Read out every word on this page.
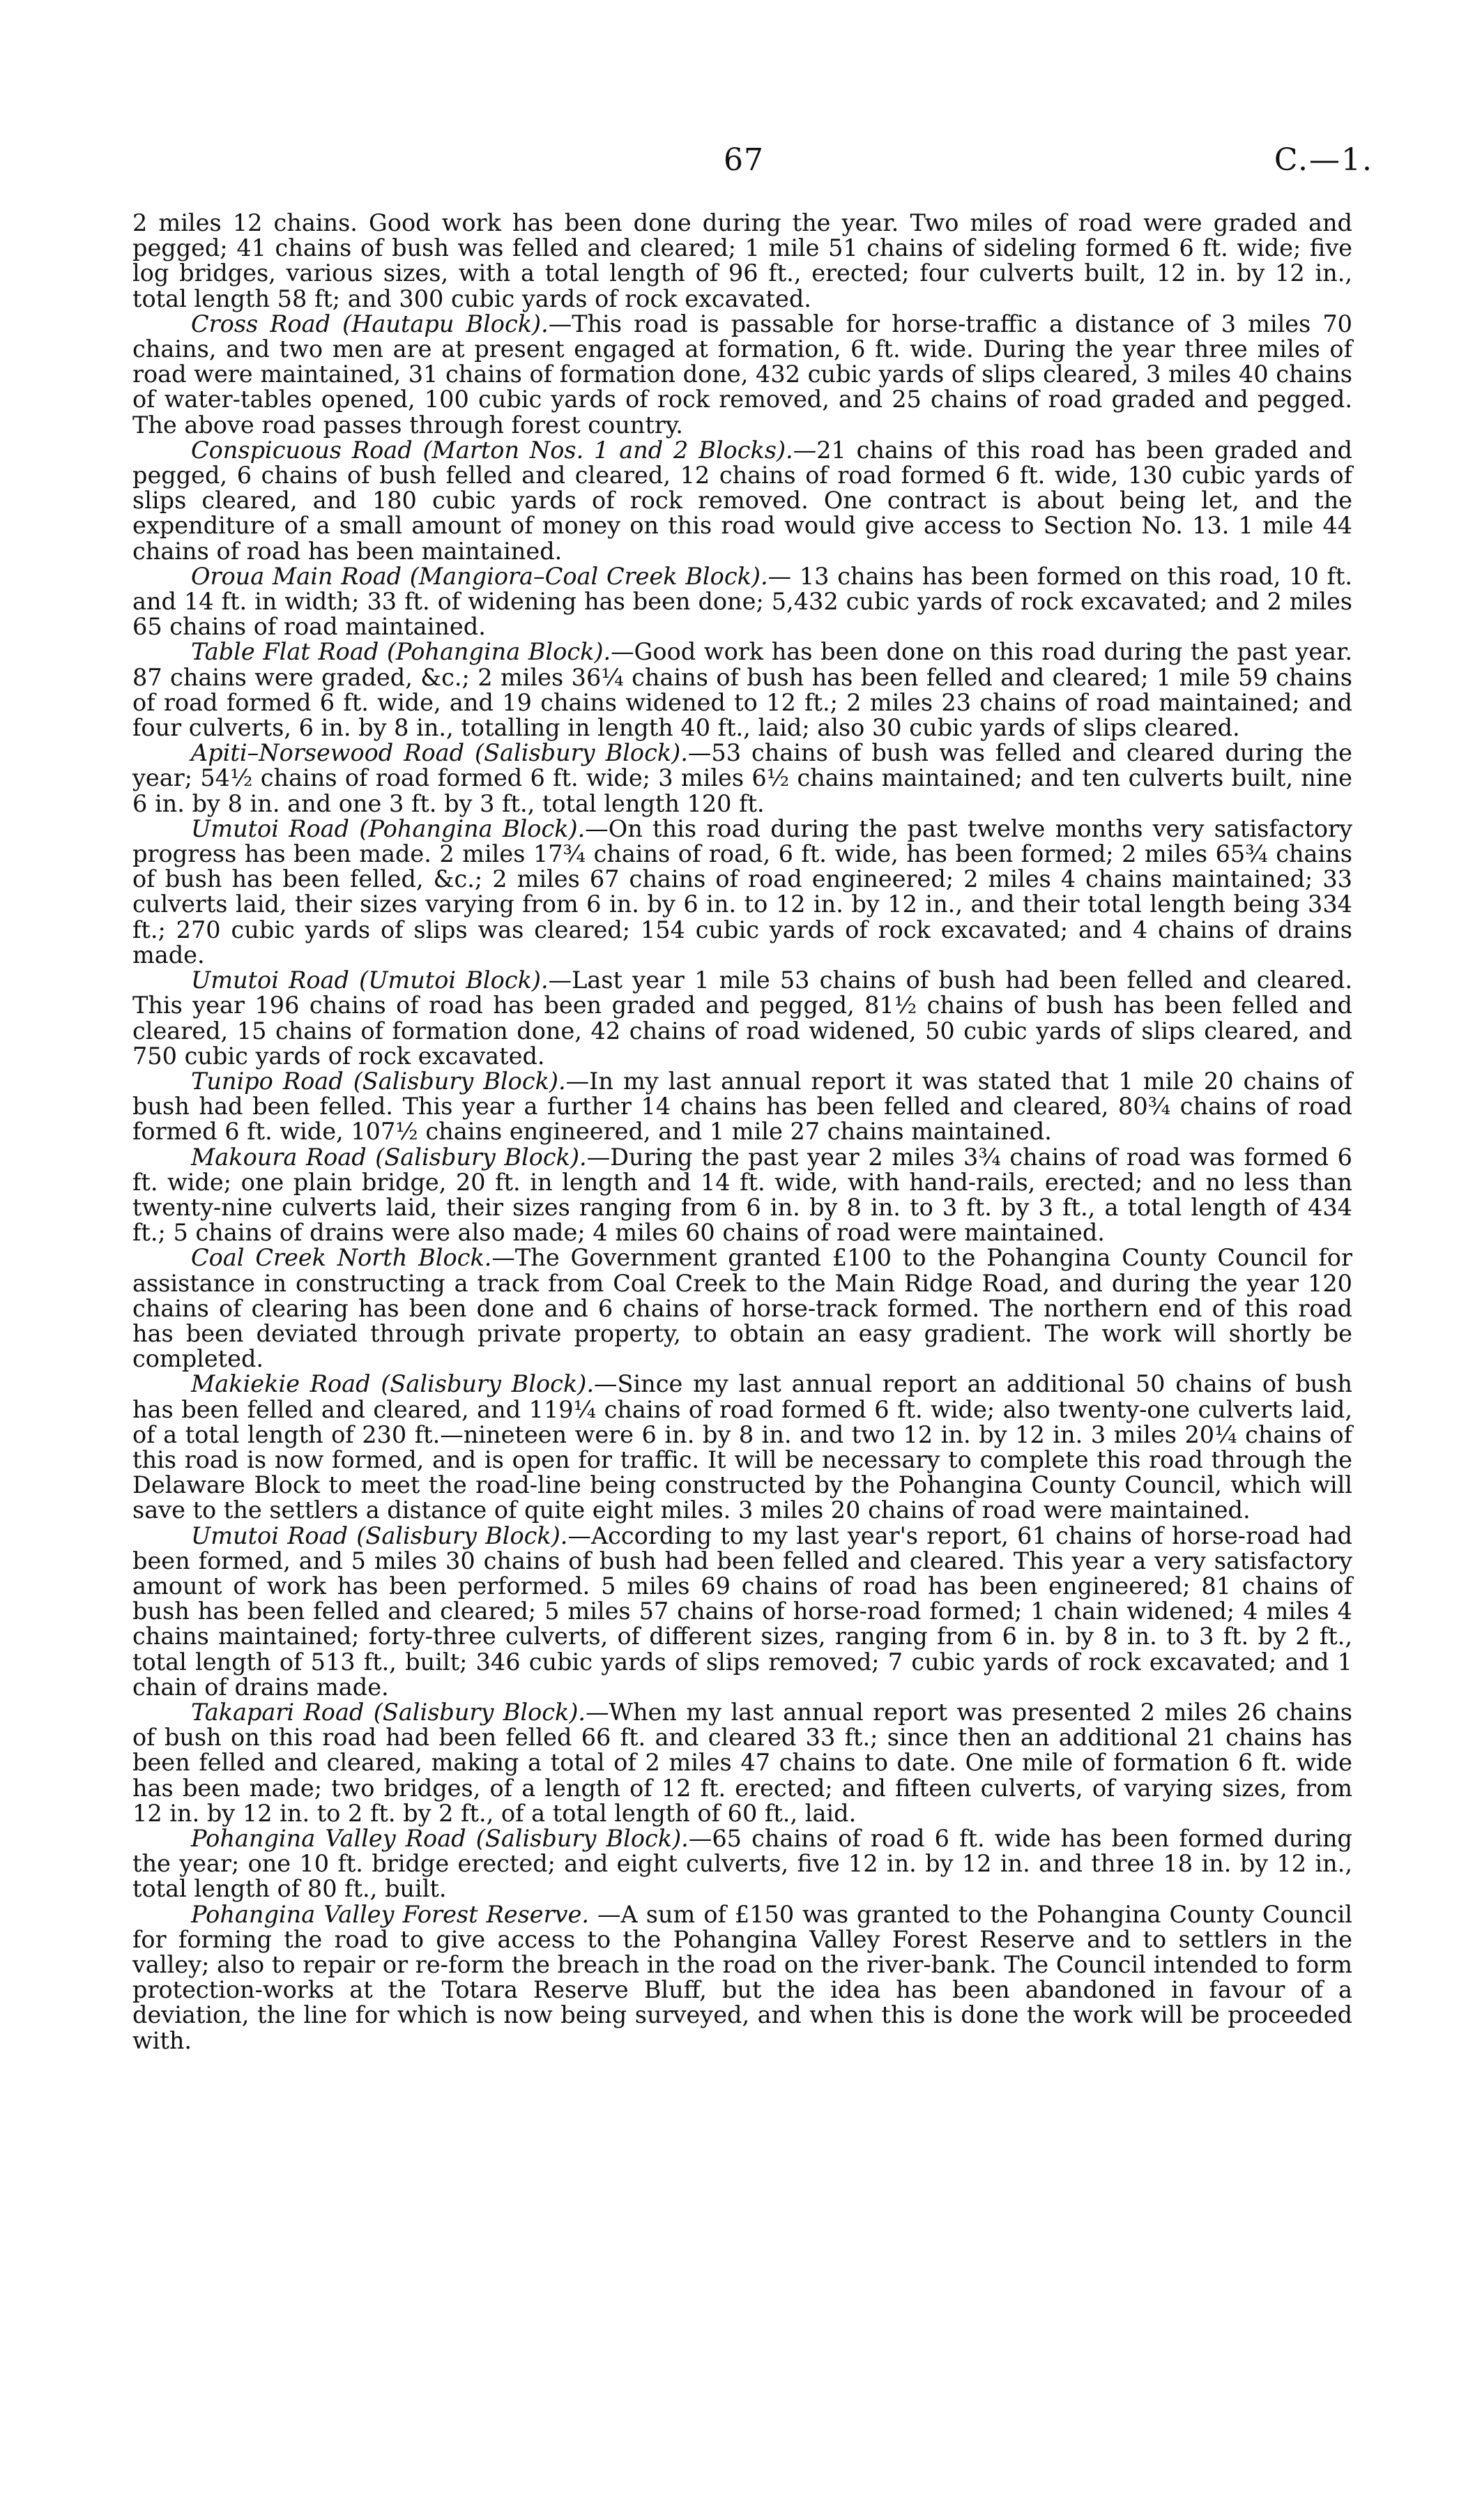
67	C.—1.

2 miles 12 chains. Good work has been done during the year. Two miles of road were graded and pegged; 41 chains of bush was felled and cleared; 1 mile 51 chains of sideling formed 6 ft. wide; five log bridges, various sizes, with a total length of 96 ft., erected; four culverts built, 12 in. by 12 in., total length 58 ft; and 300 cubic yards of rock excavated.

Cross Road (Hautapu Block).—This road is passable for horse-traffic a distance of 3 miles 70 chains, and two men are at present engaged at formation, 6 ft. wide. During the year three miles of road were maintained, 31 chains of formation done, 432 cubic yards of slips cleared, 3 miles 40 chains of water-tables opened, 100 cubic yards of rock removed, and 25 chains of road graded and pegged. The above road passes through forest country.

Conspicuous Road (Marton Nos. 1 and 2 Blocks).—21 chains of this road has been graded and pegged, 6 chains of bush felled and cleared, 12 chains of road formed 6 ft. wide, 130 cubic yards of slips cleared, and 180 cubic yards of rock removed. One contract is about being let, and the expenditure of a small amount of money on this road would give access to Section No. 13. 1 mile 44 chains of road has been maintained.

Oroua Main Road (Mangiora–Coal Creek Block).— 13 chains has been formed on this road, 10 ft. and 14 ft. in width; 33 ft. of widening has been done; 5,432 cubic yards of rock excavated; and 2 miles 65 chains of road maintained.

Table Flat Road (Pohangina Block).—Good work has been done on this road during the past year. 87 chains were graded, &c.; 2 miles 36¼ chains of bush has been felled and cleared; 1 mile 59 chains of road formed 6 ft. wide, and 19 chains widened to 12 ft.; 2 miles 23 chains of road maintained; and four culverts, 6 in. by 8 in., totalling in length 40 ft., laid; also 30 cubic yards of slips cleared.

Apiti–Norsewood Road (Salisbury Block).—53 chains of bush was felled and cleared during the year; 54½ chains of road formed 6 ft. wide; 3 miles 6½ chains maintained; and ten culverts built, nine 6 in. by 8 in. and one 3 ft. by 3 ft., total length 120 ft.

Umutoi Road (Pohangina Block).—On this road during the past twelve months very satisfactory progress has been made. 2 miles 17¾ chains of road, 6 ft. wide, has been formed; 2 miles 65¾ chains of bush has been felled, &c.; 2 miles 67 chains of road engineered; 2 miles 4 chains maintained; 33 culverts laid, their sizes varying from 6 in. by 6 in. to 12 in. by 12 in., and their total length being 334 ft.; 270 cubic yards of slips was cleared; 154 cubic yards of rock excavated; and 4 chains of drains made.

Umutoi Road (Umutoi Block).—Last year 1 mile 53 chains of bush had been felled and cleared. This year 196 chains of road has been graded and pegged, 81½ chains of bush has been felled and cleared, 15 chains of formation done, 42 chains of road widened, 50 cubic yards of slips cleared, and 750 cubic yards of rock excavated.

Tunipo Road (Salisbury Block).—In my last annual report it was stated that 1 mile 20 chains of bush had been felled. This year a further 14 chains has been felled and cleared, 80¾ chains of road formed 6 ft. wide, 107½ chains engineered, and 1 mile 27 chains maintained.

Makoura Road (Salisbury Block).—During the past year 2 miles 3¾ chains of road was formed 6 ft. wide; one plain bridge, 20 ft. in length and 14 ft. wide, with hand-rails, erected; and no less than twenty-nine culverts laid, their sizes ranging from 6 in. by 8 in. to 3 ft. by 3 ft., a total length of 434 ft.; 5 chains of drains were also made; 4 miles 60 chains of road were maintained.

Coal Creek North Block.—The Government granted £100 to the Pohangina County Council for assistance in constructing a track from Coal Creek to the Main Ridge Road, and during the year 120 chains of clearing has been done and 6 chains of horse-track formed. The northern end of this road has been deviated through private property, to obtain an easy gradient. The work will shortly be completed.

Makiekie Road (Salisbury Block).—Since my last annual report an additional 50 chains of bush has been felled and cleared, and 119¼ chains of road formed 6 ft. wide; also twenty-one culverts laid, of a total length of 230 ft.—nineteen were 6 in. by 8 in. and two 12 in. by 12 in. 3 miles 20¼ chains of this road is now formed, and is open for traffic. It will be necessary to complete this road through the Delaware Block to meet the road-line being constructed by the Pohangina County Council, which will save to the settlers a distance of quite eight miles. 3 miles 20 chains of road were maintained.

Umutoi Road (Salisbury Block).—According to my last year's report, 61 chains of horse-road had been formed, and 5 miles 30 chains of bush had been felled and cleared. This year a very satisfactory amount of work has been performed. 5 miles 69 chains of road has been engineered; 81 chains of bush has been felled and cleared; 5 miles 57 chains of horse-road formed; 1 chain widened; 4 miles 4 chains maintained; forty-three culverts, of different sizes, ranging from 6 in. by 8 in. to 3 ft. by 2 ft., total length of 513 ft., built; 346 cubic yards of slips removed; 7 cubic yards of rock excavated; and 1 chain of drains made.

Takapari Road (Salisbury Block).—When my last annual report was presented 2 miles 26 chains of bush on this road had been felled 66 ft. and cleared 33 ft.; since then an additional 21 chains has been felled and cleared, making a total of 2 miles 47 chains to date. One mile of formation 6 ft. wide has been made; two bridges, of a length of 12 ft. erected; and fifteen culverts, of varying sizes, from 12 in. by 12 in. to 2 ft. by 2 ft., of a total length of 60 ft., laid.

Pohangina Valley Road (Salisbury Block).—65 chains of road 6 ft. wide has been formed during the year; one 10 ft. bridge erected; and eight culverts, five 12 in. by 12 in. and three 18 in. by 12 in., total length of 80 ft., built.

Pohangina Valley Forest Reserve. —A sum of £150 was granted to the Pohangina County Council for forming the road to give access to the Pohangina Valley Forest Reserve and to settlers in the valley; also to repair or re-form the breach in the road on the river-bank. The Council intended to form protection-works at the Totara Reserve Bluff, but the idea has been abandoned in favour of a deviation, the line for which is now being surveyed, and when this is done the work will be proceeded with.
